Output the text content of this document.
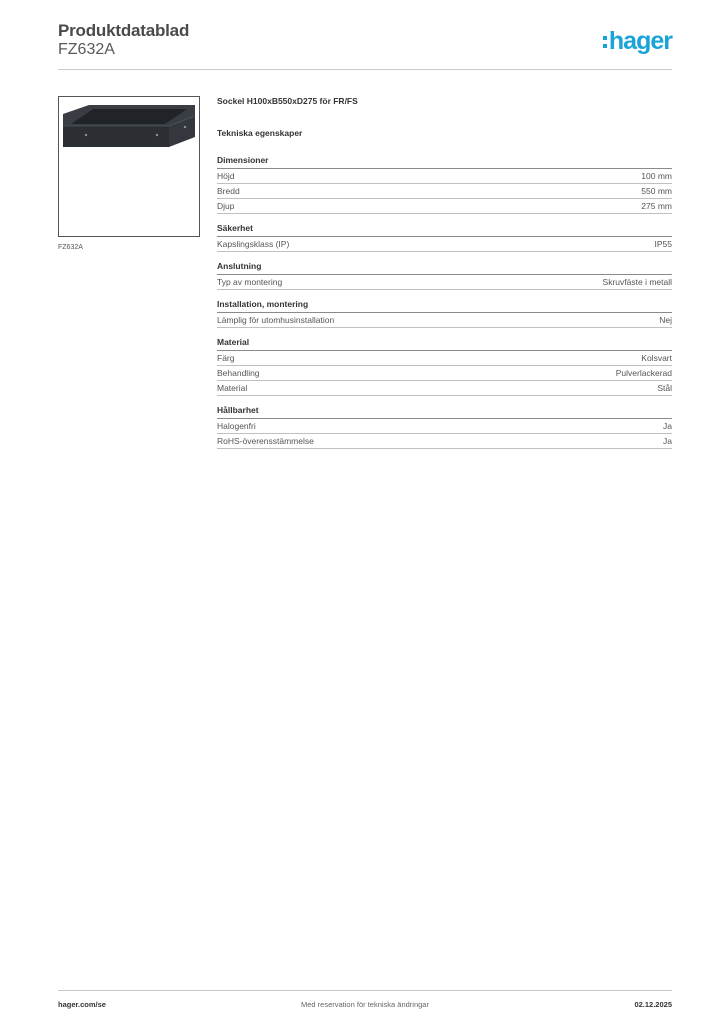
Produktdatablad
FZ632A	hager
FZ632A
Sockel H100xB550xD275 för FR/FS
Tekniska egenskaper
Dimensioner
Höjd	100 mm
Bredd	550 mm
Djup	275 mm
Säkerhet
Kapslingsklass (IP)	IP55
Anslutning
Typ av montering	Skruvfäste i metall
Installation, montering
Lämplig för utomhusinstallation	Nej
Material
Färg	Kolsvart
Behandling	Pulverlackerad
Material	Stål
Hållbarhet
Halogenfri	Ja
RoHS-överensstämmelse	Ja
hager.com/se	Med reservation för tekniska ändringar	02.12.2025
